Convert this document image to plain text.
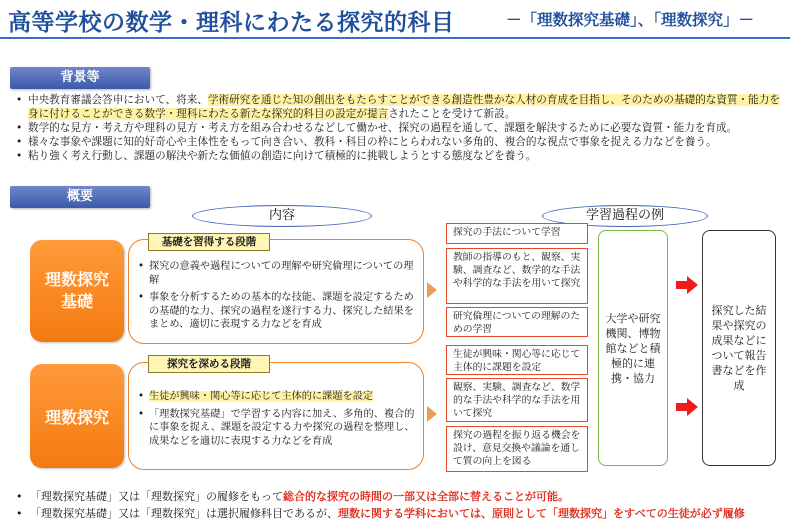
高等学校の数学・理科にわたる探究的科目	－「理数探究基礎」、「理数探究」－
背景等
• 中央教育審議会答申において、将来、学術研究を通じた知の創出をもたらすことができる創造性豊かな人材の育成を目指し、そのための基礎的な資質・能力を身に付けることができる数学・理科にわたる新たな探究的科目の設定が提言されたことを受けて新設。
• 数学的な見方・考え方や理科の見方・考え方を組み合わせるなどして働かせ、探究の過程を通して、課題を解決するために必要な資質・能力を育成。
• 様々な事象や課題に知的好奇心や主体性をもって向き合い、教科・科目の枠にとらわれない多角的、複合的な視点で事象を捉える力などを養う。
• 粘り強く考え行動し、課題の解決や新たな価値の創造に向けて積極的に挑戦しようとする態度などを養う。
概要
内容	学習過程の例
理数探究
基礎
基礎を習得する段階
• 探究の意義や過程についての理解や研究倫理についての理解
• 事象を分析するための基本的な技能、課題を設定するための基礎的な力、探究の過程を遂行する力、探究した結果をまとめ、適切に表現する力などを育成
理数探究
探究を深める段階
• 生徒が興味・関心等に応じて主体的に課題を設定
• 「理数探究基礎」で学習する内容に加え、多角的、複合的に事象を捉え、課題を設定する力や探究の過程を整理し、成果などを適切に表現する力などを育成
探究の手法について学習
教師の指導のもと、観察、実験、調査など、数学的な手法や科学的な手法を用いて探究
研究倫理についての理解のための学習
生徒が興味・関心等に応じて主体的に課題を設定
観察、実験、調査など、数学的な手法や科学的な手法を用いて探究
探究の過程を振り返る機会を設け、意見交換や議論を通して質の向上を図る
大学や研究機関、博物館などと積極的に連携・協力
探究した結果や探究の成果などについて報告書などを作成
• 「理数探究基礎」又は「理数探究」の履修をもって総合的な探究の時間の一部又は全部に替えることが可能。
• 「理数探究基礎」又は「理数探究」は選択履修科目であるが、理数に関する学科においては、原則として「理数探究」をすべての生徒が必ず履修
